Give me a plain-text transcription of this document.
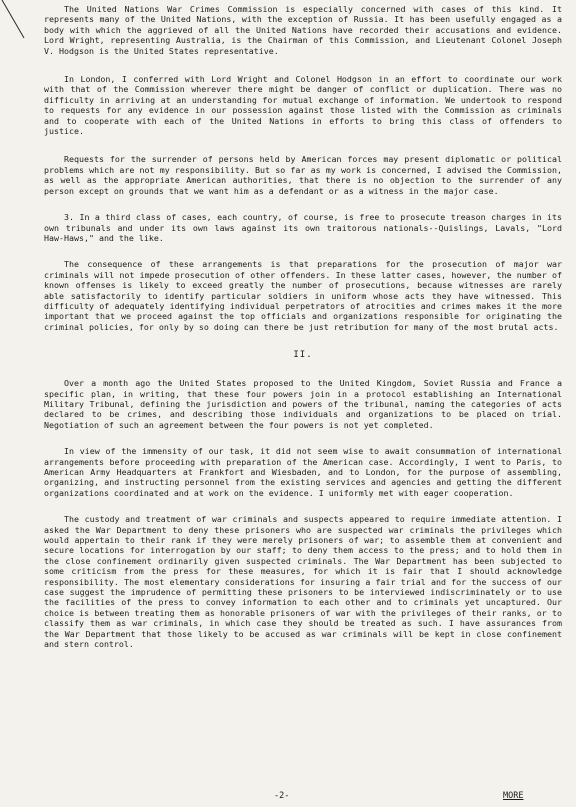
The United Nations War Crimes Commission is especially concerned with cases of this kind. It represents many of the United Nations, with the exception of Russia. It has been usefully engaged as a body with which the aggrieved of all the United Nations have recorded their accusations and evidence. Lord Wright, representing Australia, is the Chairman of this Commission, and Lieutenant Colonel Joseph V. Hodgson is the United States representative.

In London, I conferred with Lord Wright and Colonel Hodgson in an effort to coordinate our work with that of the Commission wherever there might be danger of conflict or duplication. There was no difficulty in arriving at an understanding for mutual exchange of information. We undertook to respond to requests for any evidence in our possession against those listed with the Commission as criminals and to cooperate with each of the United Nations in efforts to bring this class of offenders to justice.

Requests for the surrender of persons held by American forces may present diplomatic or political problems which are not my responsibility. But so far as my work is concerned, I advised the Commission, as well as the appropriate American authorities, that there is no objection to the surrender of any person except on grounds that we want him as a defendant or as a witness in the major case.

3. In a third class of cases, each country, of course, is free to prosecute treason charges in its own tribunals and under its own laws against its own traitorous nationals--Quislings, Lavals, "Lord Haw-Haws," and the like.

The consequence of these arrangements is that preparations for the prosecution of major war criminals will not impede prosecution of other offenders. In these latter cases, however, the number of known offenses is likely to exceed greatly the number of prosecutions, because witnesses are rarely able satisfactorily to identify particular soldiers in uniform whose acts they have witnessed. This difficulty of adequately identifying individual perpetrators of atrocities and crimes makes it the more important that we proceed against the top officials and organizations responsible for originating the criminal policies, for only by so doing can there be just retribution for many of the most brutal acts.

II.

Over a month ago the United States proposed to the United Kingdom, Soviet Russia and France a specific plan, in writing, that these four powers join in a protocol establishing an International Military Tribunal, defining the jurisdiction and powers of the tribunal, naming the categories of acts declared to be crimes, and describing those individuals and organizations to be placed on trial. Negotiation of such an agreement between the four powers is not yet completed.

In view of the immensity of our task, it did not seem wise to await consummation of international arrangements before proceeding with preparation of the American case. Accordingly, I went to Paris, to American Army Headquarters at Frankfort and Wiesbaden, and to London, for the purpose of assembling, organizing, and instructing personnel from the existing services and agencies and getting the different organizations coordinated and at work on the evidence. I uniformly met with eager cooperation.

The custody and treatment of war criminals and suspects appeared to require immediate attention. I asked the War Department to deny these prisoners who are suspected war criminals the privileges which would appertain to their rank if they were merely prisoners of war; to assemble them at convenient and secure locations for interrogation by our staff; to deny them access to the press; and to hold them in the close confinement ordinarily given suspected criminals. The War Department has been subjected to some criticism from the press for these measures, for which it is fair that I should acknowledge responsibility. The most elementary considerations for insuring a fair trial and for the success of our case suggest the imprudence of permitting these prisoners to be interviewed indiscriminately or to use the facilities of the press to convey information to each other and to criminals yet uncaptured. Our choice is between treating them as honorable prisoners of war with the privileges of their ranks, or to classify them as war criminals, in which case they should be treated as such. I have assurances from the War Department that those likely to be accused as war criminals will be kept in close confinement and stern control.

-2-	MORE
